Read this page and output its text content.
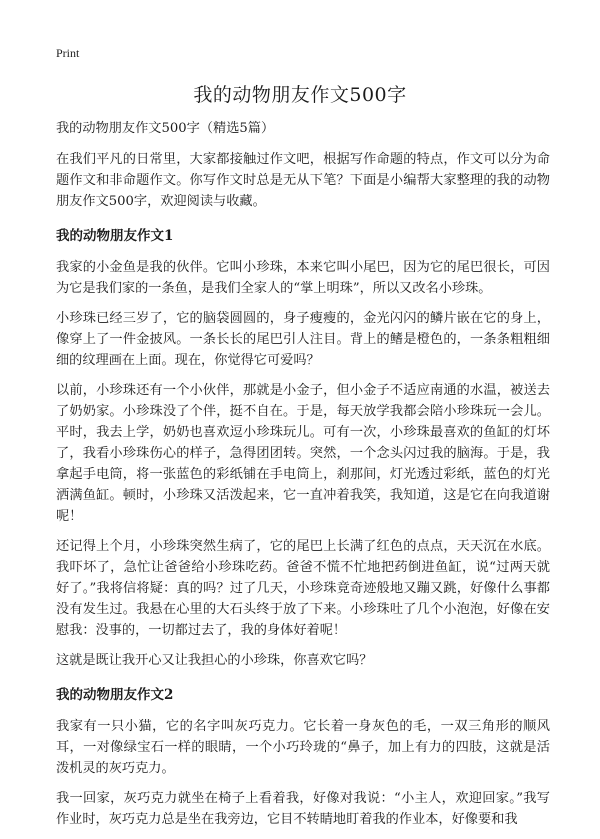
Print
我的动物朋友作文500字

我的动物朋友作文500字（精选5篇）

在我们平凡的日常里，大家都接触过作文吧，根据写作命题的特点，作文可以分为命题作文和非命题作文。你写作文时总是无从下笔？下面是小编帮大家整理的我的动物朋友作文500字，欢迎阅读与收藏。

我的动物朋友作文1

我家的小金鱼是我的伙伴。它叫小珍珠，本来它叫小尾巴，因为它的尾巴很长，可因为它是我们家的一条鱼，是我们全家人的“掌上明珠”，所以又改名小珍珠。

小珍珠已经三岁了，它的脑袋圆圆的，身子瘦瘦的，金光闪闪的鳞片嵌在它的身上，像穿上了一件金披风。一条长长的尾巴引人注目。背上的鳍是橙色的，一条条粗粗细细的纹理画在上面。现在，你觉得它可爱吗？

以前，小珍珠还有一个小伙伴，那就是小金子，但小金子不适应南通的水温，被送去了奶奶家。小珍珠没了个伴，挺不自在。于是，每天放学我都会陪小珍珠玩一会儿。平时，我去上学，奶奶也喜欢逗小珍珠玩儿。可有一次，小珍珠最喜欢的鱼缸的灯坏了，我看小珍珠伤心的样子，急得团团转。突然，一个念头闪过我的脑海。于是，我拿起手电筒，将一张蓝色的彩纸铺在手电筒上，刹那间，灯光透过彩纸，蓝色的灯光洒满鱼缸。顿时，小珍珠又活泼起来，它一直冲着我笑，我知道，这是它在向我道谢呢！

还记得上个月，小珍珠突然生病了，它的尾巴上长满了红色的点点，天天沉在水底。我吓坏了，急忙让爸爸给小珍珠吃药。爸爸不慌不忙地把药倒进鱼缸，说“过两天就好了。”我将信将疑：真的吗？过了几天，小珍珠竟奇迹般地又蹦又跳，好像什么事都没有发生过。我悬在心里的大石头终于放了下来。小珍珠吐了几个小泡泡，好像在安慰我：没事的，一切都过去了，我的身体好着呢！

这就是既让我开心又让我担心的小珍珠，你喜欢它吗？

我的动物朋友作文2

我家有一只小猫，它的名字叫灰巧克力。它长着一身灰色的毛，一双三角形的顺风耳，一对像绿宝石一样的眼睛，一个小巧玲珑的“鼻子，加上有力的四肢，这就是活泼机灵的灰巧克力。

我一回家，灰巧克力就坐在椅子上看着我，好像对我说：“小主人，欢迎回家。”我写作业时，灰巧克力总是坐在我旁边，它目不转睛地盯着我的作业本，好像要和我
